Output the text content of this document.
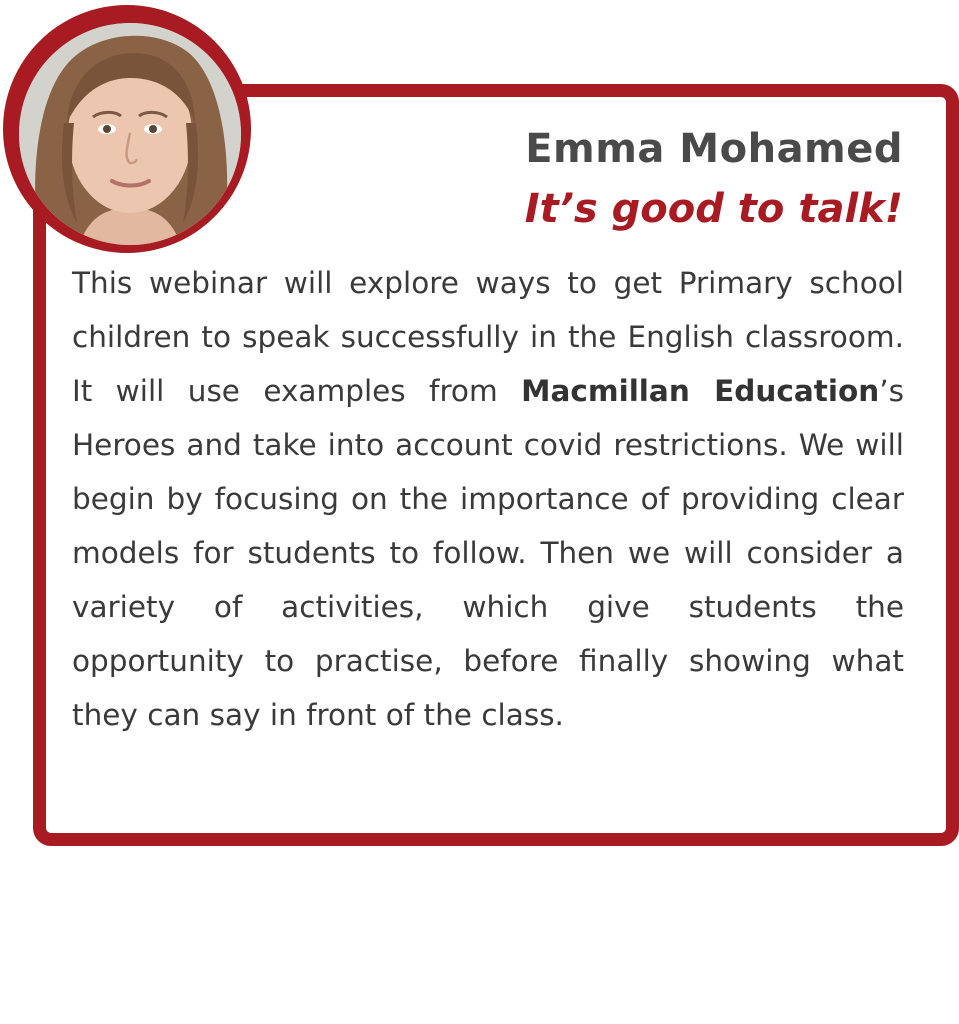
Emma Mohamed
It’s good to talk!

This webinar will explore ways to get Primary school children to speak successfully in the English classroom. It will use examples from Macmillan Education’s Heroes and take into account covid restrictions. We will begin by focusing on the importance of providing clear models for students to follow. Then we will consider a variety of activities, which give students the opportunity to practise, before finally showing what they can say in front of the class.
